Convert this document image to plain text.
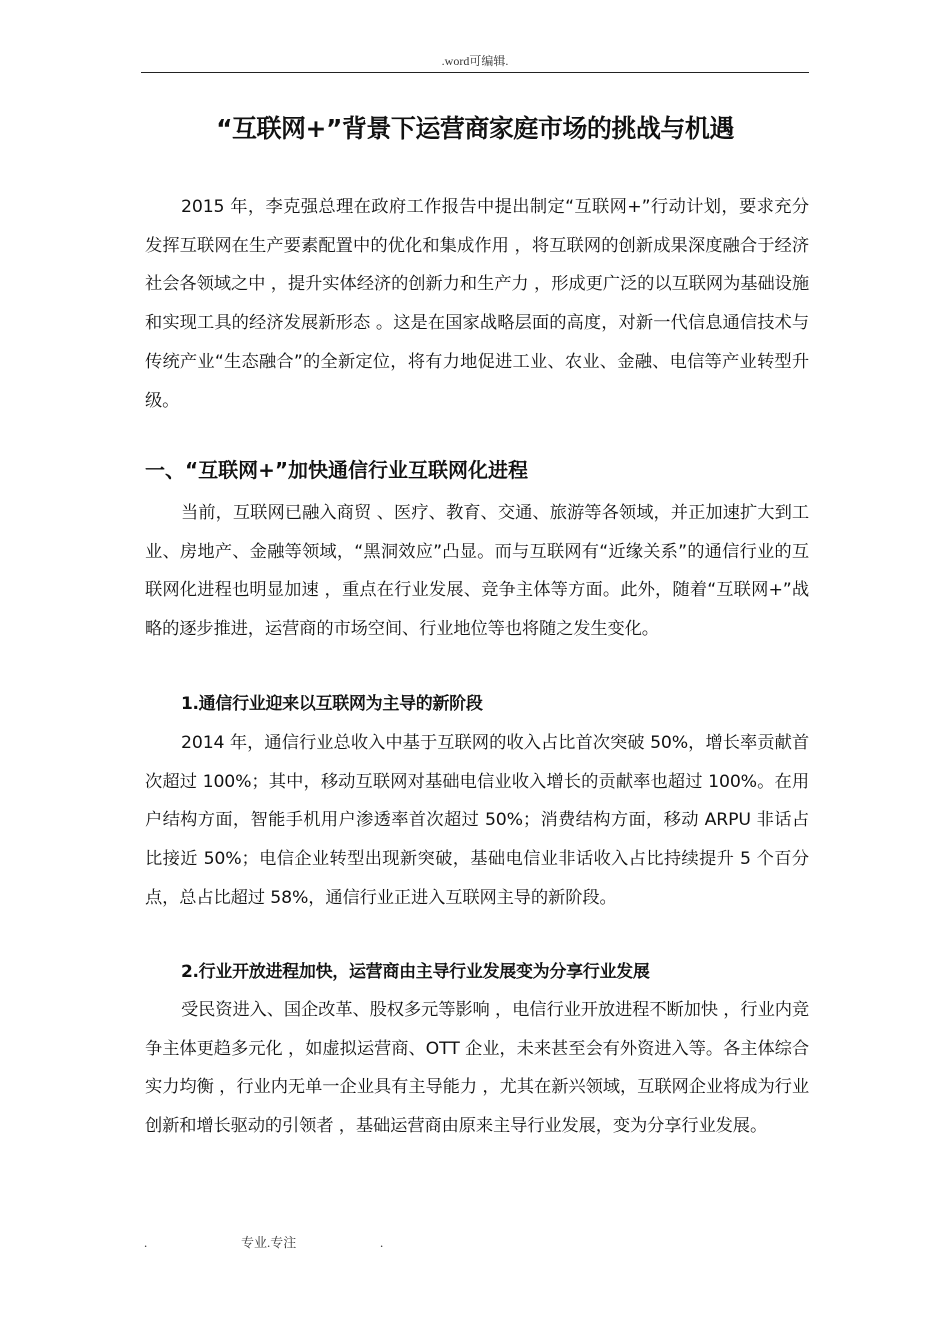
.word可编辑.
“互联网+”背景下运营商家庭市场的挑战与机遇

2015 年，李克强总理在政府工作报告中提出制定“互联网+”行动计划，要求充分发挥互联网在生产要素配置中的优化和集成作用 ，将互联网的创新成果深度融合于经济社会各领域之中 ，提升实体经济的创新力和生产力 ，形成更广泛的以互联网为基础设施和实现工具的经济发展新形态 。这是在国家战略层面的高度，对新一代信息通信技术与传统产业“生态融合”的全新定位，将有力地促进工业、农业、金融、电信等产业转型升级。

一、“互联网+”加快通信行业互联网化进程

当前，互联网已融入商贸 、医疗、教育、交通、旅游等各领域，并正加速扩大到工业、房地产、金融等领域，“黑洞效应”凸显。而与互联网有“近缘关系”的通信行业的互联网化进程也明显加速 ，重点在行业发展、竞争主体等方面。此外，随着“互联网+”战略的逐步推进，运营商的市场空间、行业地位等也将随之发生变化。

1.通信行业迎来以互联网为主导的新阶段

2014 年，通信行业总收入中基于互联网的收入占比首次突破 50%，增长率贡献首次超过 100%；其中，移动互联网对基础电信业收入增长的贡献率也超过 100%。在用户结构方面，智能手机用户渗透率首次超过 50%；消费结构方面，移动 ARPU 非话占比接近 50%；电信企业转型出现新突破，基础电信业非话收入占比持续提升 5 个百分点，总占比超过 58%，通信行业正进入互联网主导的新阶段。

2.行业开放进程加快，运营商由主导行业发展变为分享行业发展

受民资进入、国企改革、股权多元等影响 ，电信行业开放进程不断加快 ，行业内竞争主体更趋多元化 ，如虚拟运营商、OTT 企业，未来甚至会有外资进入等。各主体综合实力均衡 ，行业内无单一企业具有主导能力 ，尤其在新兴领域，互联网企业将成为行业创新和增长驱动的引领者 ，基础运营商由原来主导行业发展，变为分享行业发展。

.	专业.专注	.
